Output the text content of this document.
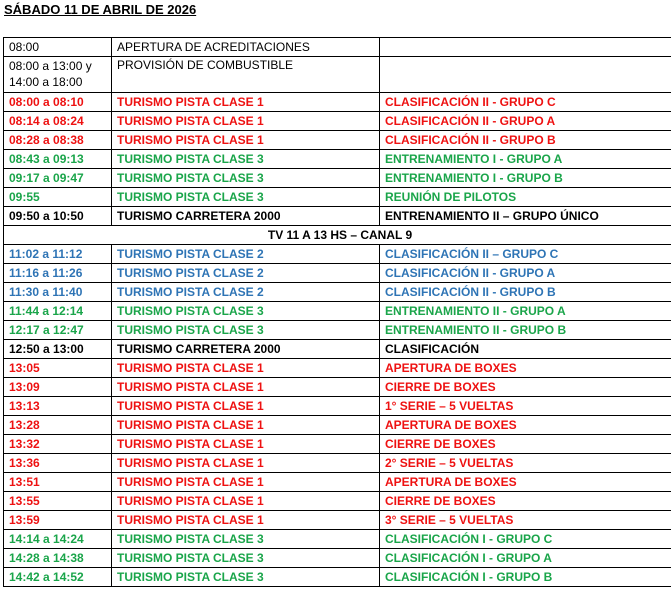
SÁBADO 11 DE ABRIL DE 2026
08:00	APERTURA DE ACREDITACIONES	
08:00 a 13:00 y 14:00 a 18:00	PROVISIÓN DE COMBUSTIBLE	
08:00 a 08:10	TURISMO PISTA CLASE 1	CLASIFICACIÓN II - GRUPO C
08:14 a 08:24	TURISMO PISTA CLASE 1	CLASIFICACIÓN II - GRUPO A
08:28 a 08:38	TURISMO PISTA CLASE 1	CLASIFICACIÓN II - GRUPO B
08:43 a 09:13	TURISMO PISTA CLASE 3	ENTRENAMIENTO I - GRUPO A
09:17 a 09:47	TURISMO PISTA CLASE 3	ENTRENAMIENTO I - GRUPO B
09:55	TURISMO PISTA CLASE 3	REUNIÓN DE PILOTOS
09:50 a 10:50	TURISMO CARRETERA 2000	ENTRENAMIENTO II – GRUPO ÚNICO
TV 11 A 13 HS – CANAL 9		
11:02 a 11:12	TURISMO PISTA CLASE 2	CLASIFICACIÓN II – GRUPO C
11:16 a 11:26	TURISMO PISTA CLASE 2	CLASIFICACIÓN II - GRUPO A
11:30 a 11:40	TURISMO PISTA CLASE 2	CLASIFICACIÓN II - GRUPO B
11:44 a 12:14	TURISMO PISTA CLASE 3	ENTRENAMIENTO II - GRUPO A
12:17 a 12:47	TURISMO PISTA CLASE 3	ENTRENAMIENTO II - GRUPO B
12:50 a 13:00	TURISMO CARRETERA 2000	CLASIFICACIÓN
13:05	TURISMO PISTA CLASE 1	APERTURA DE BOXES
13:09	TURISMO PISTA CLASE 1	CIERRE DE BOXES
13:13	TURISMO PISTA CLASE 1	1° SERIE – 5 VUELTAS
13:28	TURISMO PISTA CLASE 1	APERTURA DE BOXES
13:32	TURISMO PISTA CLASE 1	CIERRE DE BOXES
13:36	TURISMO PISTA CLASE 1	2° SERIE – 5 VUELTAS
13:51	TURISMO PISTA CLASE 1	APERTURA DE BOXES
13:55	TURISMO PISTA CLASE 1	CIERRE DE BOXES
13:59	TURISMO PISTA CLASE 1	3° SERIE – 5 VUELTAS
14:14 a 14:24	TURISMO PISTA CLASE 3	CLASIFICACIÓN I - GRUPO C
14:28 a 14:38	TURISMO PISTA CLASE 3	CLASIFICACIÓN I - GRUPO A
14:42 a 14:52	TURISMO PISTA CLASE 3	CLASIFICACIÓN I - GRUPO B
